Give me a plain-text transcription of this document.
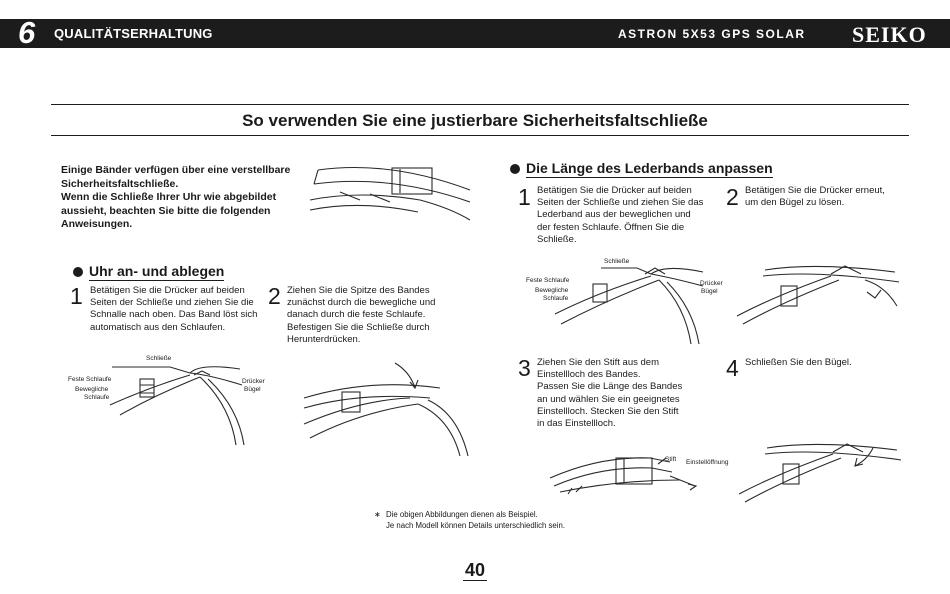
6 QUALITÄTSERHALTUNG	ASTRON 5X53 GPS SOLAR SEIKO
So verwenden Sie eine justierbare Sicherheitsfaltschließe
Einige Bänder verfügen über eine verstellbare
Sicherheitsfaltschließe.
Wenn die Schließe Ihrer Uhr wie abgebildet
aussieht, beachten Sie bitte die folgenden
Anweisungen.
Uhr an- und ablegen
1 Betätigen Sie die Drücker auf beiden
Seiten der Schließe und ziehen Sie die
Schnalle nach oben. Das Band löst sich
automatisch aus den Schlaufen.
2 Ziehen Sie die Spitze des Bandes
zunächst durch die bewegliche und
danach durch die feste Schlaufe.
Befestigen Sie die Schließe durch
Herunterdrücken.
Schließe
Feste Schlaufe
Bewegliche
Schlaufe
Drücker
Bügel
Die Länge des Lederbands anpassen
1 Betätigen Sie die Drücker auf beiden
Seiten der Schließe und ziehen Sie das
Lederband aus der beweglichen und
der festen Schlaufe. Öffnen Sie die
Schließe.
2 Betätigen Sie die Drücker erneut,
um den Bügel zu lösen.
Schließe
Feste Schlaufe
Bewegliche
Schlaufe
Drücker
Bügel
3 Ziehen Sie den Stift aus dem
Einstellloch des Bandes.
Passen Sie die Länge des Bandes
an und wählen Sie ein geeignetes
Einstellloch. Stecken Sie den Stift
in das Einstellloch.
4 Schließen Sie den Bügel.
Stift Einstellöffnung
∗ Die obigen Abbildungen dienen als Beispiel.
Je nach Modell können Details unterschiedlich sein.
40
